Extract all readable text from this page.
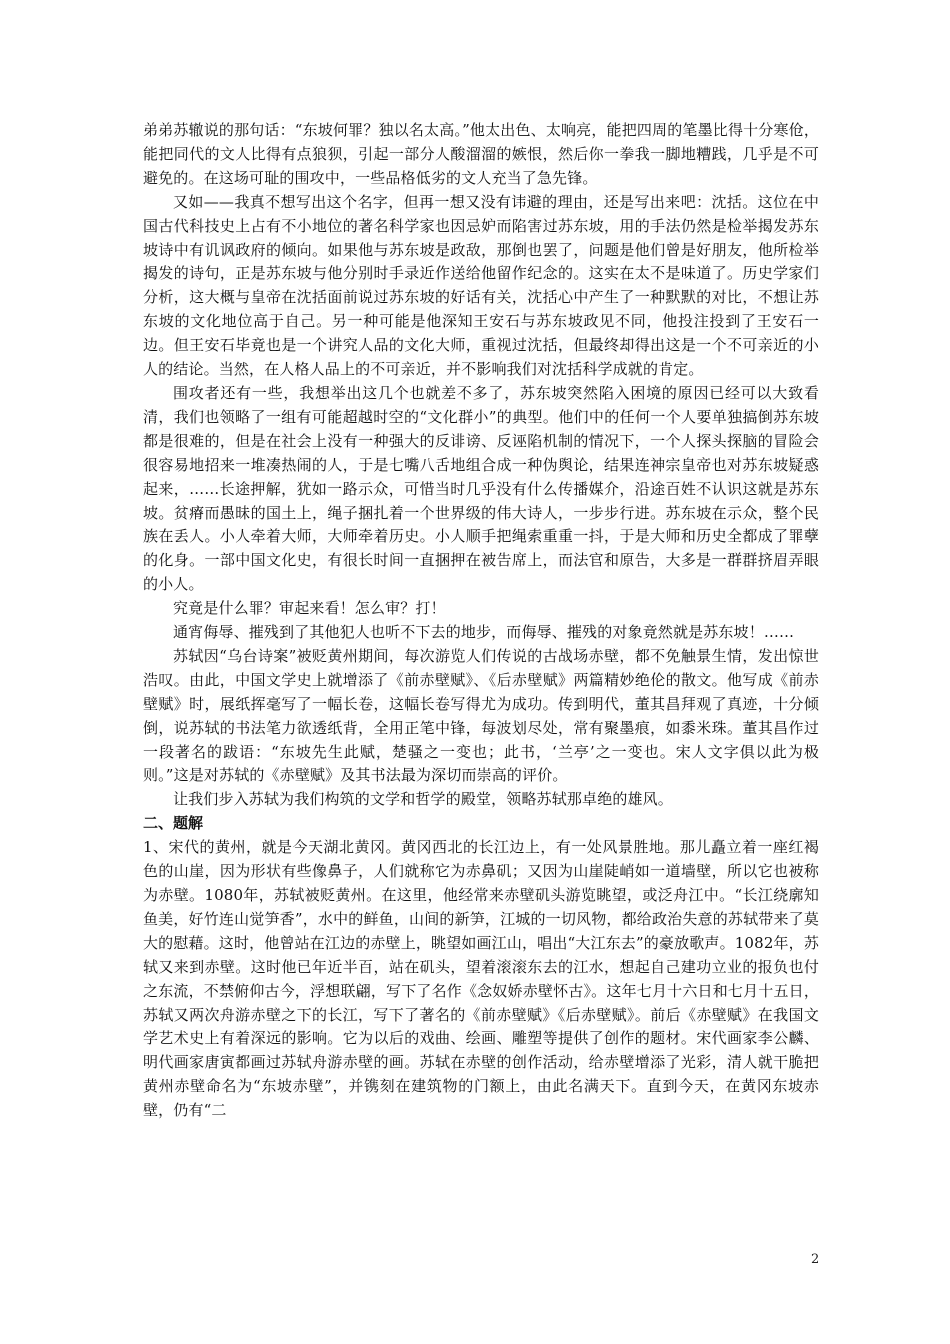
弟弟苏辙说的那句话：“东坡何罪？独以名太高。”他太出色、太响亮，能把四周的笔墨比得十分寒伧，能把同代的文人比得有点狼狈，引起一部分人酸溜溜的嫉恨，然后你一拳我一脚地糟践，几乎是不可避免的。在这场可耻的围攻中，一些品格低劣的文人充当了急先锋。

又如——我真不想写出这个名字，但再一想又没有讳避的理由，还是写出来吧：沈括。这位在中国古代科技史上占有不小地位的著名科学家也因忌妒而陷害过苏东坡，用的手法仍然是检举揭发苏东坡诗中有讥讽政府的倾向。如果他与苏东坡是政敌，那倒也罢了，问题是他们曾是好朋友，他所检举揭发的诗句，正是苏东坡与他分别时手录近作送给他留作纪念的。这实在太不是味道了。历史学家们分析，这大概与皇帝在沈括面前说过苏东坡的好话有关，沈括心中产生了一种默默的对比，不想让苏东坡的文化地位高于自己。另一种可能是他深知王安石与苏东坡政见不同，他投注投到了王安石一边。但王安石毕竟也是一个讲究人品的文化大师，重视过沈括，但最终却得出这是一个不可亲近的小人的结论。当然，在人格人品上的不可亲近，并不影响我们对沈括科学成就的肯定。

围攻者还有一些，我想举出这几个也就差不多了，苏东坡突然陷入困境的原因已经可以大致看清，我们也领略了一组有可能超越时空的“文化群小”的典型。他们中的任何一个人要单独搞倒苏东坡都是很难的，但是在社会上没有一种强大的反诽谤、反诬陷机制的情况下，一个人探头探脑的冒险会很容易地招来一堆凑热闹的人，于是七嘴八舌地组合成一种伪舆论，结果连神宗皇帝也对苏东坡疑惑起来，……长途押解，犹如一路示众，可惜当时几乎没有什么传播媒介，沿途百姓不认识这就是苏东坡。贫瘠而愚昧的国土上，绳子捆扎着一个世界级的伟大诗人，一步步行进。苏东坡在示众，整个民族在丢人。小人牵着大师，大师牵着历史。小人顺手把绳索重重一抖，于是大师和历史全都成了罪孽的化身。一部中国文化史，有很长时间一直捆押在被告席上，而法官和原告，大多是一群群挤眉弄眼的小人。

究竟是什么罪？审起来看！怎么审？打！

通宵侮辱、摧残到了其他犯人也听不下去的地步，而侮辱、摧残的对象竟然就是苏东坡！……

苏轼因“乌台诗案”被贬黄州期间，每次游览人们传说的古战场赤壁，都不免触景生情，发出惊世浩叹。由此，中国文学史上就增添了《前赤壁赋》、《后赤壁赋》两篇精妙绝伦的散文。他写成《前赤壁赋》时，展纸挥毫写了一幅长卷，这幅长卷写得尤为成功。传到明代，董其昌拜观了真迹，十分倾倒，说苏轼的书法笔力欲透纸背，全用正笔中锋，每波划尽处，常有聚墨痕，如黍米珠。董其昌作过一段著名的跋语：“东坡先生此赋，楚骚之一变也；此书，‘兰亭’之一变也。宋人文字俱以此为极则。”这是对苏轼的《赤壁赋》及其书法最为深切而崇高的评价。

让我们步入苏轼为我们构筑的文学和哲学的殿堂，领略苏轼那卓绝的雄风。

二、题解

1、宋代的黄州，就是今天湖北黄冈。黄冈西北的长江边上，有一处风景胜地。那儿矗立着一座红褐色的山崖，因为形状有些像鼻子，人们就称它为赤鼻矶；又因为山崖陡峭如一道墙壁，所以它也被称为赤壁。1080年，苏轼被贬黄州。在这里，他经常来赤壁矶头游览眺望，或泛舟江中。“长江绕廓知鱼美，好竹连山觉笋香”，水中的鲜鱼，山间的新笋，江城的一切风物，都给政治失意的苏轼带来了莫大的慰藉。这时，他曾站在江边的赤壁上，眺望如画江山，唱出“大江东去”的豪放歌声。1082年，苏轼又来到赤壁。这时他已年近半百，站在矶头，望着滚滚东去的江水，想起自己建功立业的报负也付之东流，不禁俯仰古今，浮想联翩，写下了名作《念奴娇赤壁怀古》。这年七月十六日和七月十五日，苏轼又两次舟游赤壁之下的长江，写下了著名的《前赤壁赋》《后赤壁赋》。前后《赤壁赋》在我国文学艺术史上有着深远的影响。它为以后的戏曲、绘画、雕塑等提供了创作的题材。宋代画家李公麟、明代画家唐寅都画过苏轼舟游赤壁的画。苏轼在赤壁的创作活动，给赤壁增添了光彩，清人就干脆把黄州赤壁命名为“东坡赤壁”，并镌刻在建筑物的门额上，由此名满天下。直到今天，在黄冈东坡赤壁，仍有“二

2
